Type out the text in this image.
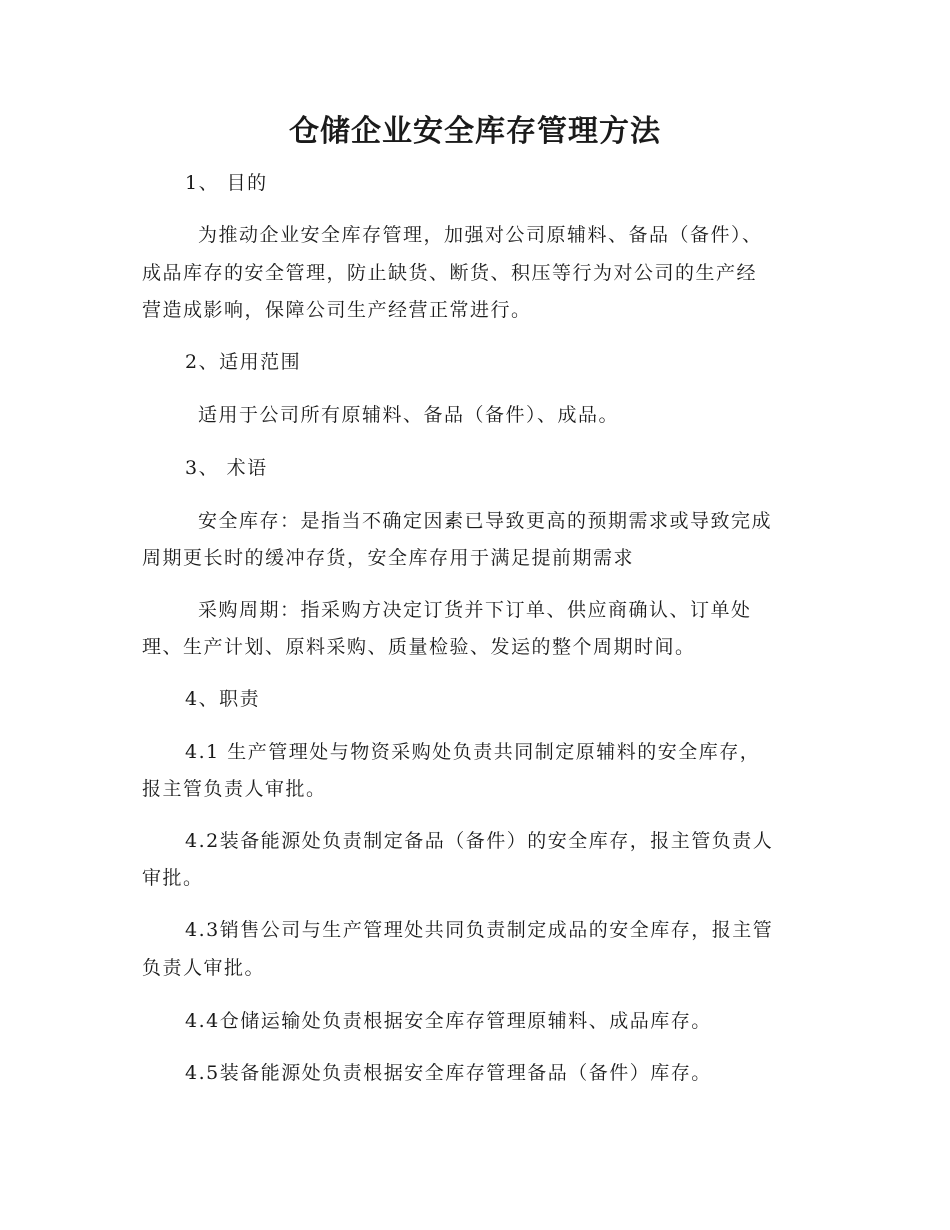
仓储企业安全库存管理方法
1、 目的
为推动企业安全库存管理，加强对公司原辅料、备品（备件）、
成品库存的安全管理，防止缺货、断货、积压等行为对公司的生产经
营造成影响，保障公司生产经营正常进行。
2、适用范围
适用于公司所有原辅料、备品（备件）、成品。
3、 术语
安全库存：是指当不确定因素已导致更高的预期需求或导致完成
周期更长时的缓冲存货，安全库存用于满足提前期需求
采购周期：指采购方决定订货并下订单、供应商确认、订单处
理、生产计划、原料采购、质量检验、发运的整个周期时间。
4、职责
4.1 生产管理处与物资采购处负责共同制定原辅料的安全库存，
报主管负责人审批。
4.2装备能源处负责制定备品（备件）的安全库存，报主管负责人
审批。
4.3销售公司与生产管理处共同负责制定成品的安全库存，报主管
负责人审批。
4.4仓储运输处负责根据安全库存管理原辅料、成品库存。
4.5装备能源处负责根据安全库存管理备品（备件）库存。
